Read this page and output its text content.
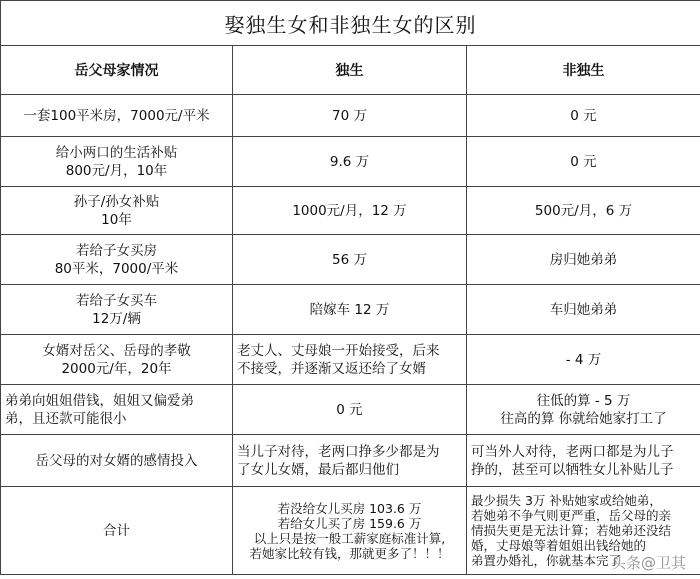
娶独生女和非独生女的区别		
岳父母家情况	独生	非独生

一套100平米房，7000元/平米	70 万	0 元

给小两口的生活补贴
800元/月，10年	9.6 万	0 元

孙子/孙女补贴
10年	1000元/月，12 万	500元/月，6 万

若给子女买房
80平米，7000/平米	56 万	房归她弟弟

若给子女买车
12万/辆	陪嫁车 12 万	车归她弟弟

女婿对岳父、岳母的孝敬
2000元/年，20年	老丈人、丈母娘一开始接受，后来
不接受，并逐渐又返还给了女婿	- 4 万

弟弟向姐姐借钱，姐姐又偏爱弟
弟，且还款可能很小	0 元	往低的算 - 5 万
往高的算 你就给她家打工了

岳父母的对女婿的感情投入	当儿子对待，老两口挣多少都是为
了女儿女婿，最后都归他们	可当外人对待，老两口都是为儿子
挣的，甚至可以牺牲女儿补贴儿子

合计	若没给女儿买房 103.6 万
若给女儿买了房 159.6 万
以上只是按一般工薪家庭标准计算,
若她家比较有钱，那就更多了！！！	最少损失 3万 补贴她家或给她弟，
若她弟不争气则更严重，岳父母的亲
情损失更是无法计算；若她弟还没结
婚，丈母娘等着姐姐出钱给她的
弟置办婚礼，你就基本完了
头条@卫其
